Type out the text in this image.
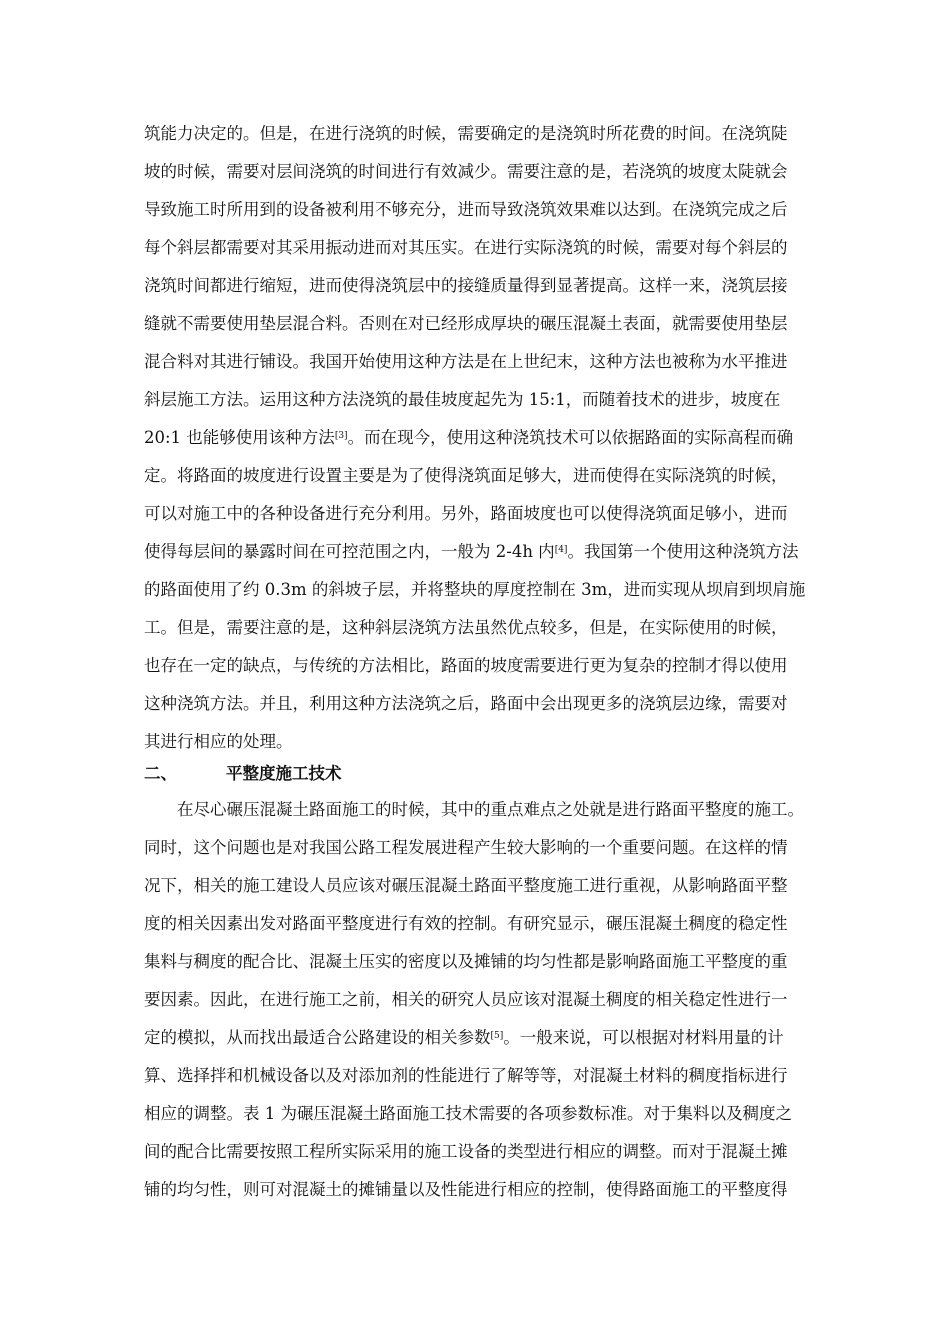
筑能力决定的。但是，在进行浇筑的时候，需要确定的是浇筑时所花费的时间。在浇筑陡
坡的时候，需要对层间浇筑的时间进行有效减少。需要注意的是，若浇筑的坡度太陡就会
导致施工时所用到的设备被利用不够充分，进而导致浇筑效果难以达到。在浇筑完成之后
每个斜层都需要对其采用振动进而对其压实。在进行实际浇筑的时候，需要对每个斜层的
浇筑时间都进行缩短，进而使得浇筑层中的接缝质量得到显著提高。这样一来，浇筑层接
缝就不需要使用垫层混合料。否则在对已经形成厚块的碾压混凝土表面，就需要使用垫层
混合料对其进行铺设。我国开始使用这种方法是在上世纪末，这种方法也被称为水平推进
斜层施工方法。运用这种方法浇筑的最佳坡度起先为 15:1，而随着技术的进步，坡度在
20:1 也能够使用该种方法[3]。而在现今，使用这种浇筑技术可以依据路面的实际高程而确
定。将路面的坡度进行设置主要是为了使得浇筑面足够大，进而使得在实际浇筑的时候，
可以对施工中的各种设备进行充分利用。另外，路面坡度也可以使得浇筑面足够小，进而
使得每层间的暴露时间在可控范围之内，一般为 2-4h 内[4]。我国第一个使用这种浇筑方法
的路面使用了约 0.3m 的斜坡子层，并将整块的厚度控制在 3m，进而实现从坝肩到坝肩施
工。但是，需要注意的是，这种斜层浇筑方法虽然优点较多，但是，在实际使用的时候，
也存在一定的缺点，与传统的方法相比，路面的坡度需要进行更为复杂的控制才得以使用
这种浇筑方法。并且，利用这种方法浇筑之后，路面中会出现更多的浇筑层边缘，需要对
其进行相应的处理。
二、	平整度施工技术
在尽心碾压混凝土路面施工的时候，其中的重点难点之处就是进行路面平整度的施工。
同时，这个问题也是对我国公路工程发展进程产生较大影响的一个重要问题。在这样的情
况下，相关的施工建设人员应该对碾压混凝土路面平整度施工进行重视，从影响路面平整
度的相关因素出发对路面平整度进行有效的控制。有研究显示，碾压混凝土稠度的稳定性
集料与稠度的配合比、混凝土压实的密度以及摊铺的均匀性都是影响路面施工平整度的重
要因素。因此，在进行施工之前，相关的研究人员应该对混凝土稠度的相关稳定性进行一
定的模拟，从而找出最适合公路建设的相关参数[5]。一般来说，可以根据对材料用量的计
算、选择拌和机械设备以及对添加剂的性能进行了解等等，对混凝土材料的稠度指标进行
相应的调整。表 1 为碾压混凝土路面施工技术需要的各项参数标准。对于集料以及稠度之
间的配合比需要按照工程所实际采用的施工设备的类型进行相应的调整。而对于混凝土摊
铺的均匀性，则可对混凝土的摊铺量以及性能进行相应的控制，使得路面施工的平整度得
